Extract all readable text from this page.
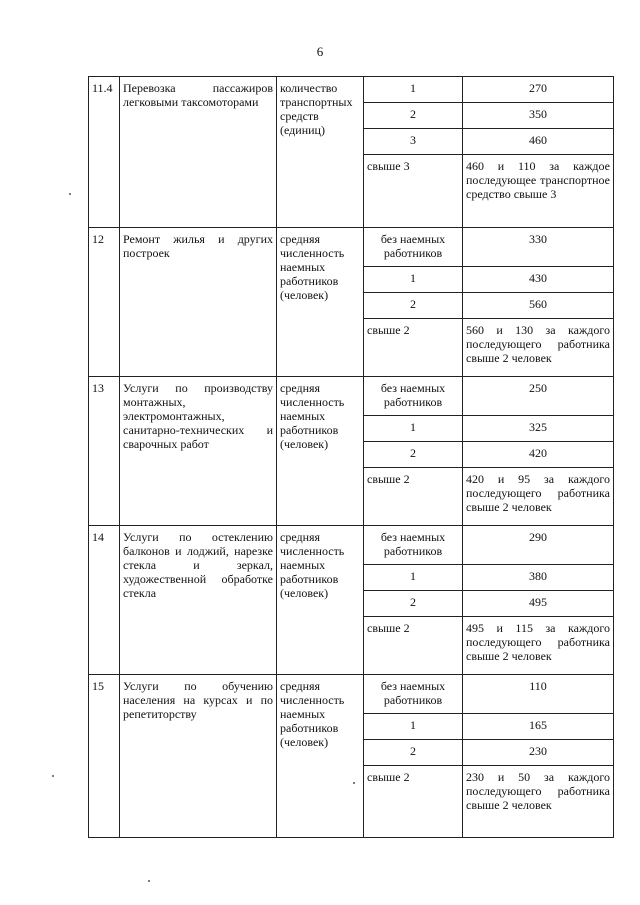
6
11.4	Перевозка пассажиров легковыми таксомоторами	количество транспортных средств (единиц)	1	270
			2	350
			3	460
			свыше 3	460 и 110 за каждое последующее транспортное средство свыше 3
12	Ремонт жилья и других построек	средняя численность наемных работников (человек)	без наемных работников	330
			1	430
			2	560
			свыше 2	560 и 130 за каждого последующего работника свыше 2 человек
13	Услуги по производству монтажных, электромонтажных, санитарно-технических и сварочных работ	средняя численность наемных работников (человек)	без наемных работников	250
			1	325
			2	420
			свыше 2	420 и 95 за каждого последующего работника свыше 2 человек
14	Услуги по остеклению балконов и лоджий, нарезке стекла и зеркал, художественной обработке стекла	средняя численность наемных работников (человек)	без наемных работников	290
			1	380
			2	495
			свыше 2	495 и 115 за каждого последующего работника свыше 2 человек
15	Услуги по обучению населения на курсах и по репетиторству	средняя численность наемных работников (человек)	без наемных работников	110
			1	165
			2	230
			свыше 2	230 и 50 за каждого последующего работника свыше 2 человек
